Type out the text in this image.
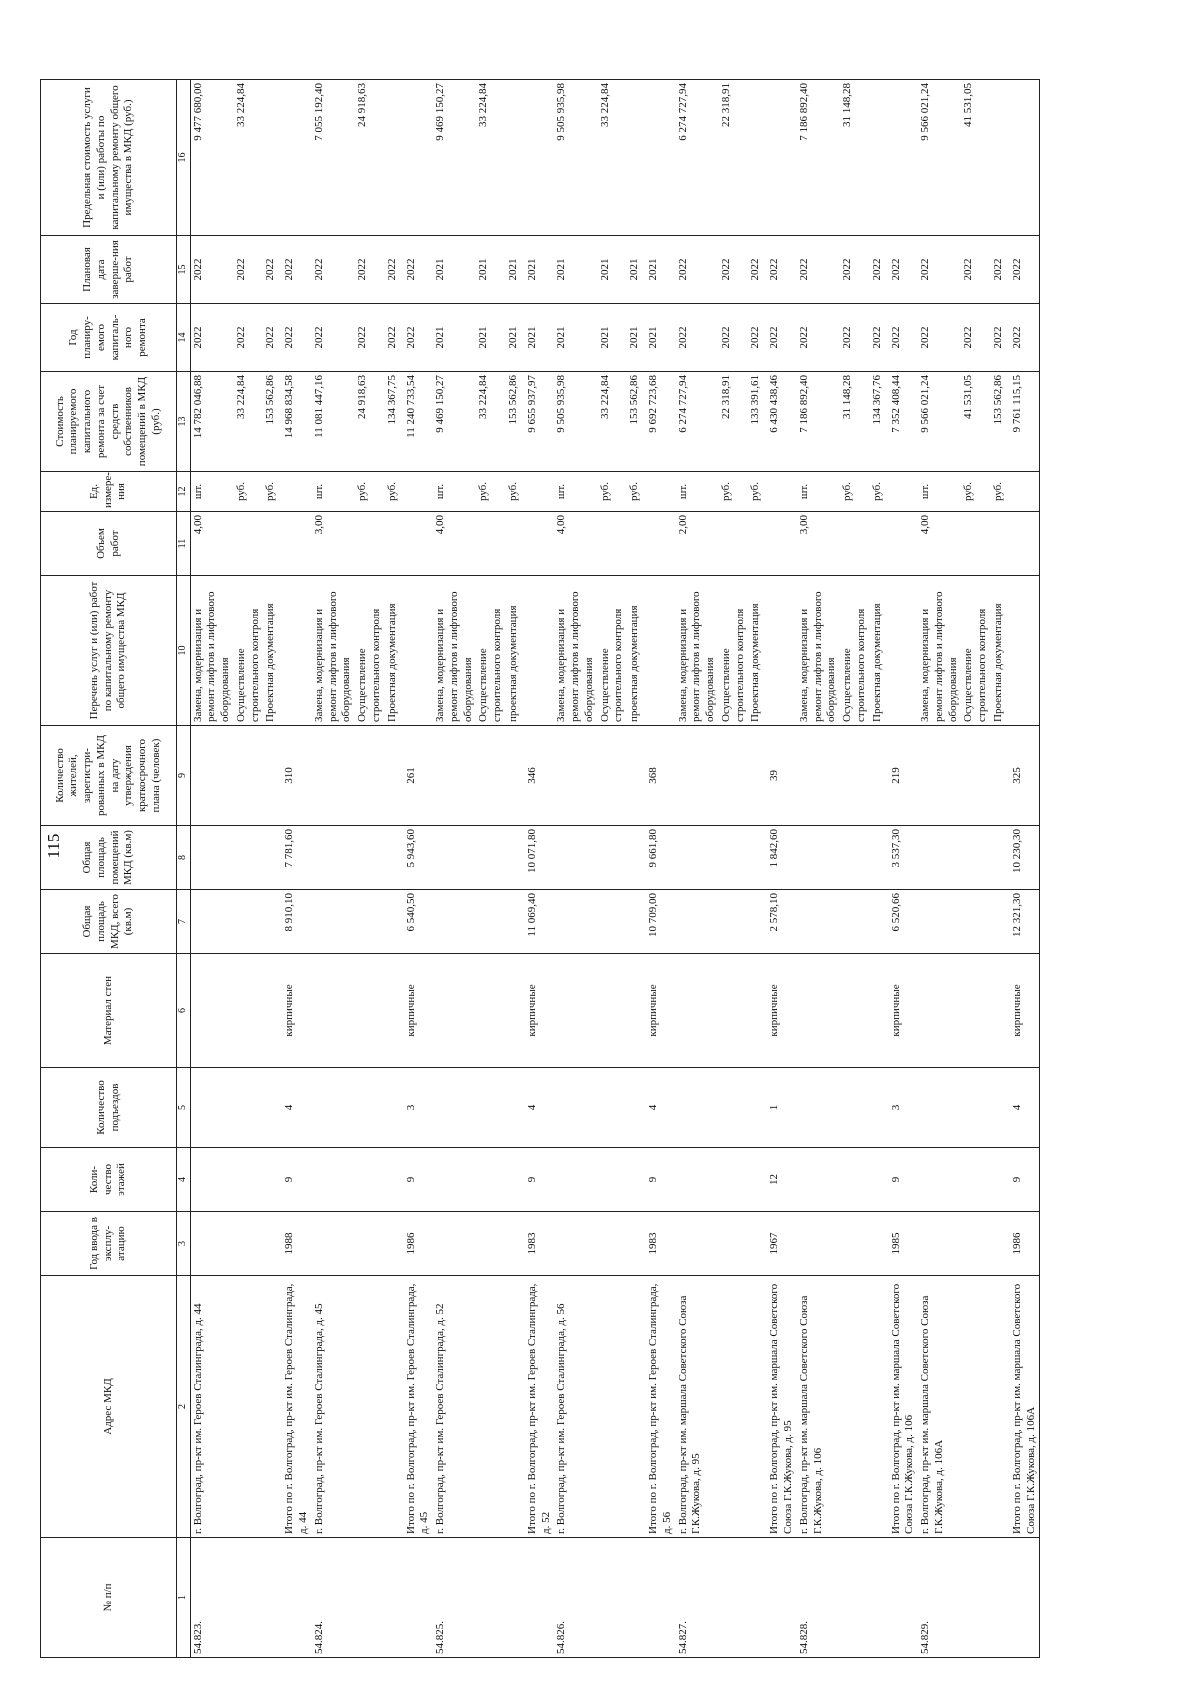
115
№ п/п	Адрес МКД	Год ввода в эксплу-атацию	Коли-чество этажей	Количество подъездов	Материал стен	Общая площадь МКД, всего (кв.м)	Общая площадь помещений МКД (кв.м)	Количество жителей, зарегистри-рованных в МКД на дату утверждения краткосрочного плана (человек)	Перечень услуг и (или) работ по капитальному ремонту общего имущества МКД	Объем работ	Ед. измере-ния	Стоимость планируемого капитального ремонта за счет средств собственников помещений в МКД (руб.)	Год планиру-емого капиталь-ного ремонта	Плановая дата заверше-ния работ	Предельная стоимость услуги и (или) работы по капитальному ремонту общего имущества в МКД (руб.)
1	2	3	4	5	6	7	8	9	10	11	12	13	14	15	16
54.823.	г. Волгоград, пр-кт им. Героев Сталинграда, д. 44								Замена, модернизация и ремонт лифтов и лифтового оборудования	4,00	шт.	14 782 046,88	2022	2022	9 477 680,00
									Осуществление строительного контроля		руб.	33 224,84	2022	2022	33 224,84
									Проектная документация		руб.	153 562,86	2022	2022	
	Итого по г. Волгоград, пр-кт им. Героев Сталинграда, д. 44	1988	9	4	кирпичные	8 910,10	7 781,60	310				14 968 834,58	2022	2022	
54.824.	г. Волгоград, пр-кт им. Героев Сталинграда, д. 45								Замена, модернизация и ремонт лифтов и лифтового оборудования	3,00	шт.	11 081 447,16	2022	2022	7 055 192,40
									Осуществление строительного контроля		руб.	24 918,63	2022	2022	24 918,63
									Проектная документация		руб.	134 367,75	2022	2022	
	Итого по г. Волгоград, пр-кт им. Героев Сталинграда, д. 45	1986	9	3	кирпичные	6 540,50	5 943,60	261				11 240 733,54	2022	2022	
54.825.	г. Волгоград, пр-кт им. Героев Сталинграда, д. 52								Замена, модернизация и ремонт лифтов и лифтового оборудования	4,00	шт.	9 469 150,27	2021	2021	9 469 150,27
									Осуществление строительного контроля		руб.	33 224,84	2021	2021	33 224,84
									проектная документация		руб.	153 562,86	2021	2021	
	Итого по г. Волгоград, пр-кт им. Героев Сталинграда, д. 52	1983	9	4	кирпичные	11 069,40	10 071,80	346				9 655 937,97	2021	2021	
54.826.	г. Волгоград, пр-кт им. Героев Сталинграда, д. 56								Замена, модернизация и ремонт лифтов и лифтового оборудования	4,00	шт.	9 505 935,98	2021	2021	9 505 935,98
									Осуществление строительного контроля		руб.	33 224,84	2021	2021	33 224,84
									проектная документация		руб.	153 562,86	2021	2021	
	Итого по г. Волгоград, пр-кт им. Героев Сталинграда, д. 56	1983	9	4	кирпичные	10 709,00	9 661,80	368				9 692 723,68	2021	2021	
54.827.	г. Волгоград, пр-кт им. маршала Советского Союза Г.К.Жукова, д. 95								Замена, модернизация и ремонт лифтов и лифтового оборудования	2,00	шт.	6 274 727,94	2022	2022	6 274 727,94
									Осуществление строительного контроля		руб.	22 318,91	2022	2022	22 318,91
									Проектная документация		руб.	133 391,61	2022	2022	
	Итого по г. Волгоград, пр-кт им. маршала Советского Союза Г.К.Жукова, д. 95	1967	12	1	кирпичные	2 578,10	1 842,60	39				6 430 438,46	2022	2022	
54.828.	г. Волгоград, пр-кт им. маршала Советского Союза Г.К.Жукова, д. 106								Замена, модернизация и ремонт лифтов и лифтового оборудования	3,00	шт.	7 186 892,40	2022	2022	7 186 892,40
									Осуществление строительного контроля		руб.	31 148,28	2022	2022	31 148,28
									Проектная документация		руб.	134 367,76	2022	2022	
	Итого по г. Волгоград, пр-кт им. маршала Советского Союза Г.К.Жукова, д. 106	1985	9	3	кирпичные	6 520,66	3 537,30	219				7 352 408,44	2022	2022	
54.829.	г. Волгоград, пр-кт им. маршала Советского Союза Г.К.Жукова, д. 106А								Замена, модернизация и ремонт лифтов и лифтового оборудования	4,00	шт.	9 566 021,24	2022	2022	9 566 021,24
									Осуществление строительного контроля		руб.	41 531,05	2022	2022	41 531,05
									Проектная документация		руб.	153 562,86	2022	2022	
	Итого по г. Волгоград, пр-кт им. маршала Советского Союза Г.К.Жукова, д. 106А	1986	9	4	кирпичные	12 321,30	10 230,30	325				9 761 115,15	2022	2022	
